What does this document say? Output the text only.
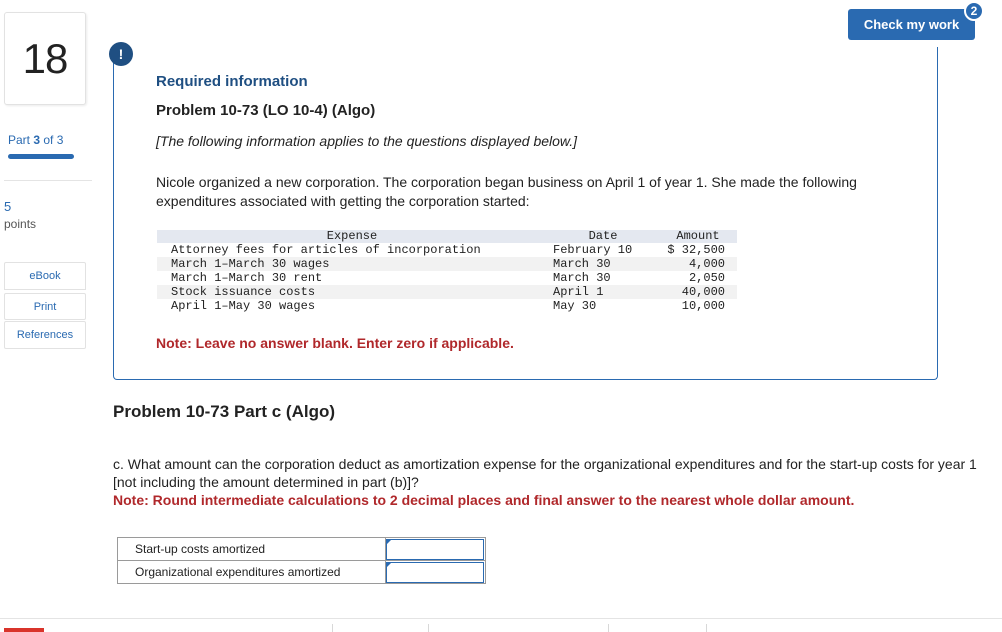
18
Part 3 of 3
5
points
eBook
Print
References
Check my work
2
!
Required information
Problem 10-73 (LO 10-4) (Algo)
[The following information applies to the questions displayed below.]
Nicole organized a new corporation. The corporation began business on April 1 of year 1. She made the following expenditures associated with getting the corporation started:
Expense	Date	Amount
Attorney fees for articles of incorporation	February 10	$ 32,500
March 1–March 30 wages	March 30	4,000
March 1–March 30 rent	March 30	2,050
Stock issuance costs	April 1	40,000
April 1–May 30 wages	May 30	10,000
Note: Leave no answer blank. Enter zero if applicable.
Problem 10-73 Part c (Algo)
c. What amount can the corporation deduct as amortization expense for the organizational expenditures and for the start-up costs for year 1 [not including the amount determined in part (b)]?
Note: Round intermediate calculations to 2 decimal places and final answer to the nearest whole dollar amount.
Start-up costs amortized	

Organizational expenditures amortized	
